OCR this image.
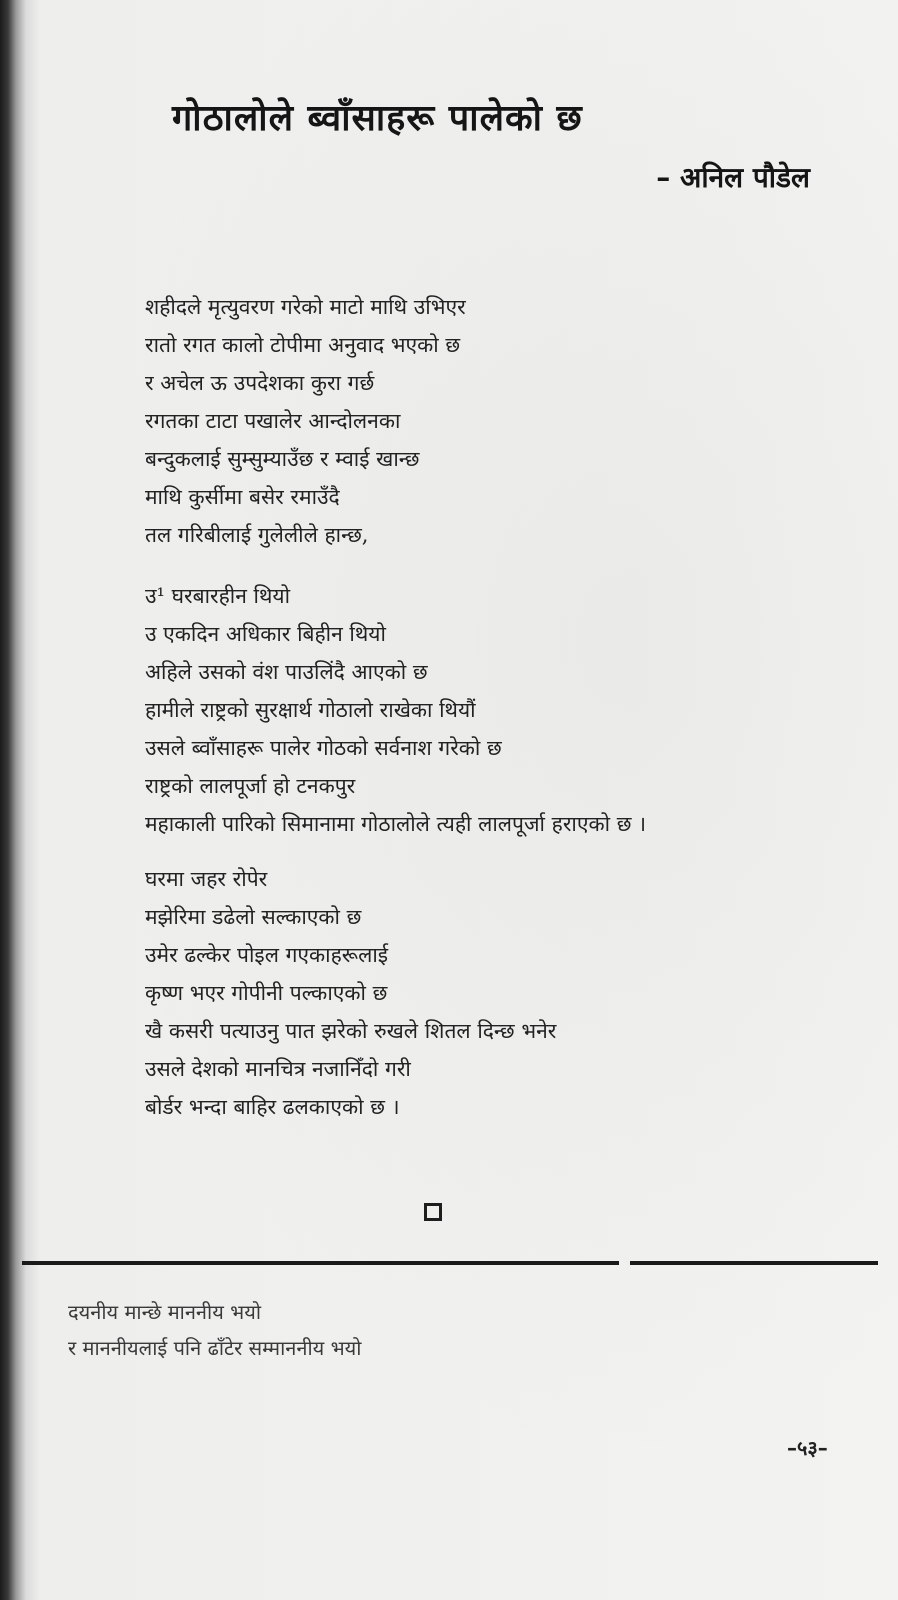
गोठालोले ब्वाँसाहरू पालेको छ
– अनिल पौडेल
शहीदले मृत्युवरण गरेको माटो माथि उभिएर
रातो रगत कालो टोपीमा अनुवाद भएको छ
र अचेल ऊ उपदेशका कुरा गर्छ
रगतका टाटा पखालेर आन्दोलनका
बन्दुकलाई सुम्सुम्याउँछ र म्वाई खान्छ
माथि कुर्सीमा बसेर रमाउँदै
तल गरिबीलाई गुलेलीले हान्छ,
उ¹ घरबारहीन थियो
उ एकदिन अधिकार बिहीन थियो
अहिले उसको वंश पाउलिंदै आएको छ
हामीले राष्ट्रको सुरक्षार्थ गोठालो राखेका थियौं
उसले ब्वाँसाहरू पालेर गोठको सर्वनाश गरेको छ
राष्ट्रको लालपूर्जा हो टनकपुर
महाकाली पारिको सिमानामा गोठालोले त्यही लालपूर्जा हराएको छ ।
घरमा जहर रोपेर
मझेरिमा डढेलो सल्काएको छ
उमेर ढल्केर पोइल गएकाहरूलाई
कृष्ण भएर गोपीनी पल्काएको छ
खै कसरी पत्याउनु पात झरेको रुखले शितल दिन्छ भनेर
उसले देशको मानचित्र नजानिँदो गरी
बोर्डर भन्दा बाहिर ढलकाएको छ ।
दयनीय मान्छे माननीय भयो
र माननीयलाई पनि ढाँटेर सम्माननीय भयो
–५३–
